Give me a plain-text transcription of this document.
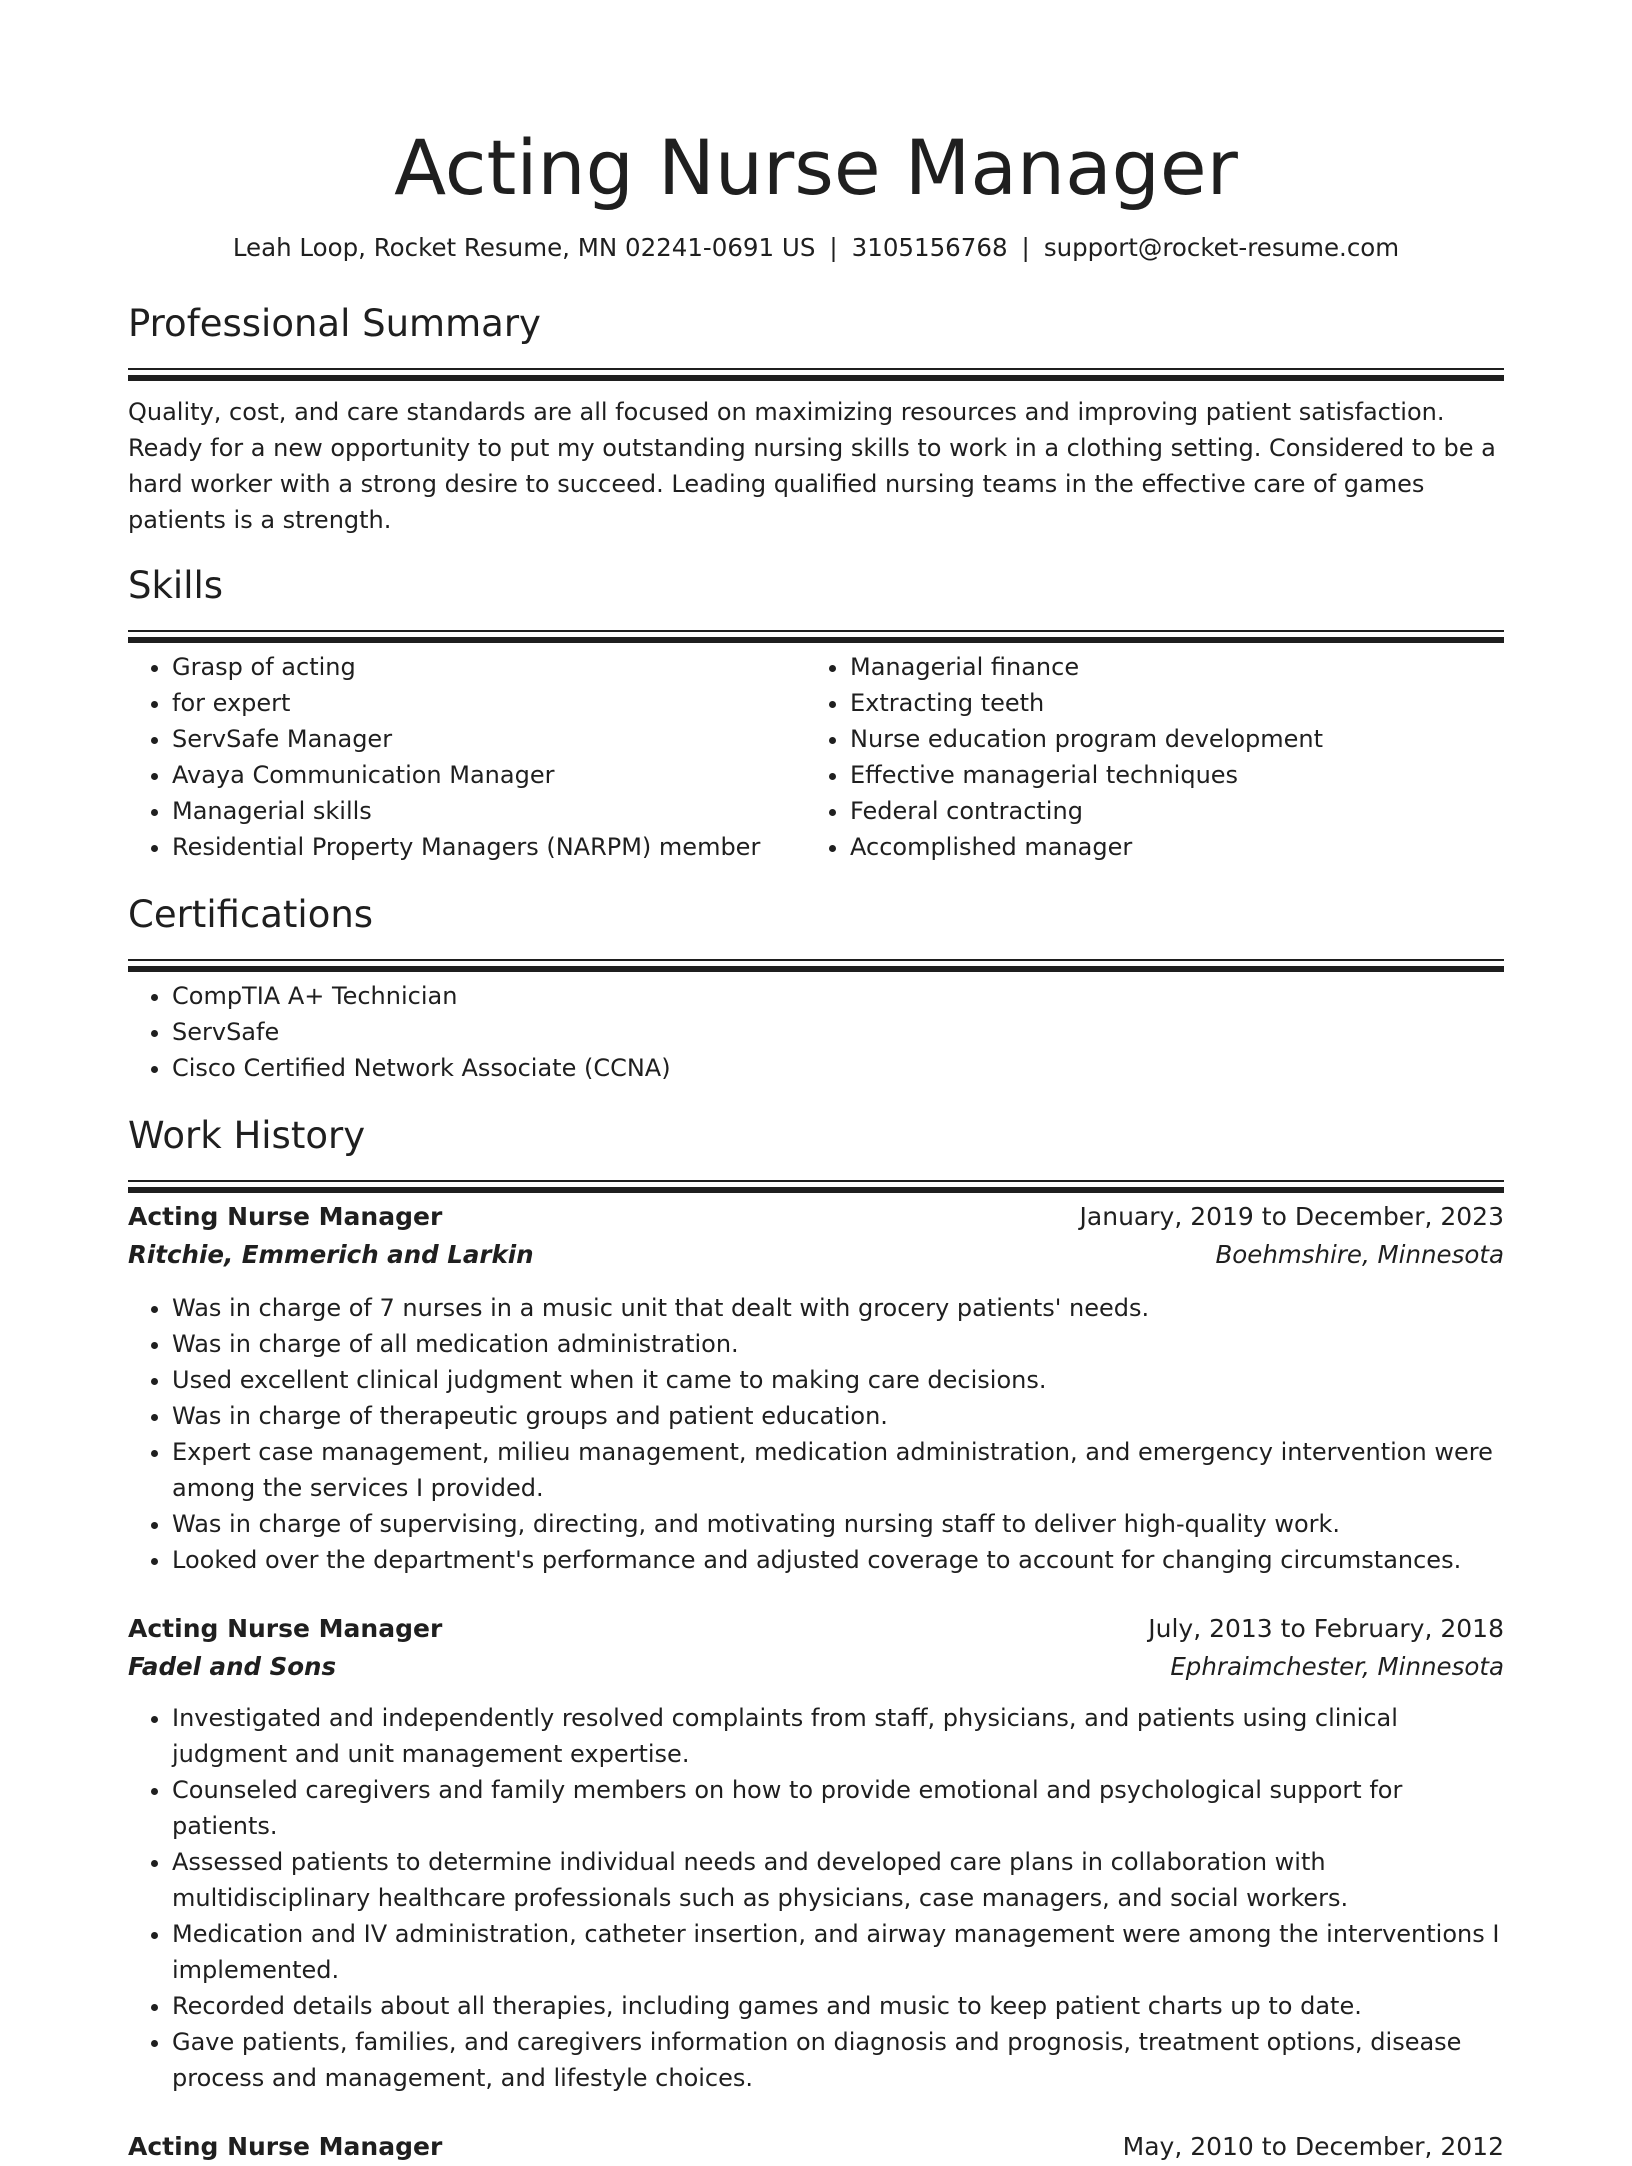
Acting Nurse Manager
Leah Loop, Rocket Resume, MN 02241-0691 US | 3105156768 | support@rocket-resume.com
Professional Summary

Quality, cost, and care standards are all focused on maximizing resources and improving patient satisfaction. Ready for a new opportunity to put my outstanding nursing skills to work in a clothing setting. Considered to be a hard worker with a strong desire to succeed. Leading qualified nursing teams in the effective care of games patients is a strength.

Skills
• Grasp of acting
• for expert
• ServSafe Manager
• Avaya Communication Manager
• Managerial skills
• Residential Property Managers (NARPM) member
• Managerial finance
• Extracting teeth
• Nurse education program development
• Effective managerial techniques
• Federal contracting
• Accomplished manager
Certifications
• CompTIA A+ Technician
• ServSafe
• Cisco Certified Network Associate (CCNA)
Work History
Acting Nurse Manager	January, 2019 to December, 2023
Ritchie, Emmerich and Larkin	Boehmshire, Minnesota
• Was in charge of 7 nurses in a music unit that dealt with grocery patients' needs.
• Was in charge of all medication administration.
• Used excellent clinical judgment when it came to making care decisions.
• Was in charge of therapeutic groups and patient education.
• Expert case management, milieu management, medication administration, and emergency intervention were among the services I provided.
• Was in charge of supervising, directing, and motivating nursing staff to deliver high-quality work.
• Looked over the department's performance and adjusted coverage to account for changing circumstances.
Acting Nurse Manager	July, 2013 to February, 2018
Fadel and Sons	Ephraimchester, Minnesota
• Investigated and independently resolved complaints from staff, physicians, and patients using clinical judgment and unit management expertise.
• Counseled caregivers and family members on how to provide emotional and psychological support for patients.
• Assessed patients to determine individual needs and developed care plans in collaboration with multidisciplinary healthcare professionals such as physicians, case managers, and social workers.
• Medication and IV administration, catheter insertion, and airway management were among the interventions I implemented.
• Recorded details about all therapies, including games and music to keep patient charts up to date.
• Gave patients, families, and caregivers information on diagnosis and prognosis, treatment options, disease process and management, and lifestyle choices.
Acting Nurse Manager	May, 2010 to December, 2012
